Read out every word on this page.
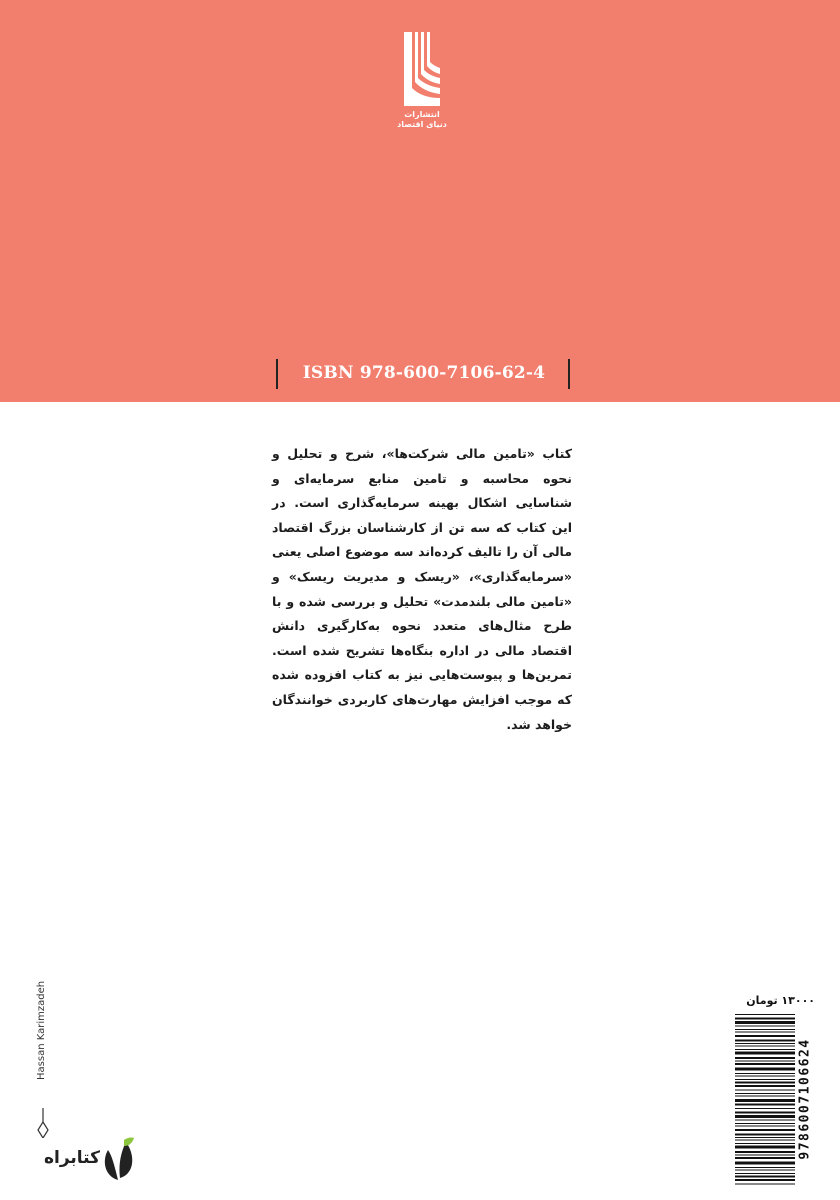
انتشارات
دنیای اقتصاد
ISBN 978-600-7106-62-4
کتاب «تامین مالی شرکت‌ها»، شرح و تحلیل و نحوه محاسبه و تامین منابع سرمایه‌ای و شناسایی اشکال بهینه سرمایه‌گذاری است. در این کتاب که سه تن از کارشناسان بزرگ اقتصاد مالی آن را تالیف کرده‌اند سه موضوع اصلی یعنی «سرمایه‌گذاری»، «ریسک و مدیریت ریسک» و «تامین مالی بلندمدت» تحلیل و بررسی شده و با طرح مثال‌های متعدد نحوه به‌کارگیری دانش اقتصاد مالی در اداره بنگاه‌ها تشریح شده است. تمرین‌ها و پیوست‌هایی نیز به کتاب افزوده شده که موجب افزایش مهارت‌های کاربردی خوانندگان خواهد شد.
۱۳۰۰۰ تومان
9786007106624
Hassan Karimzadeh
کتابراه
